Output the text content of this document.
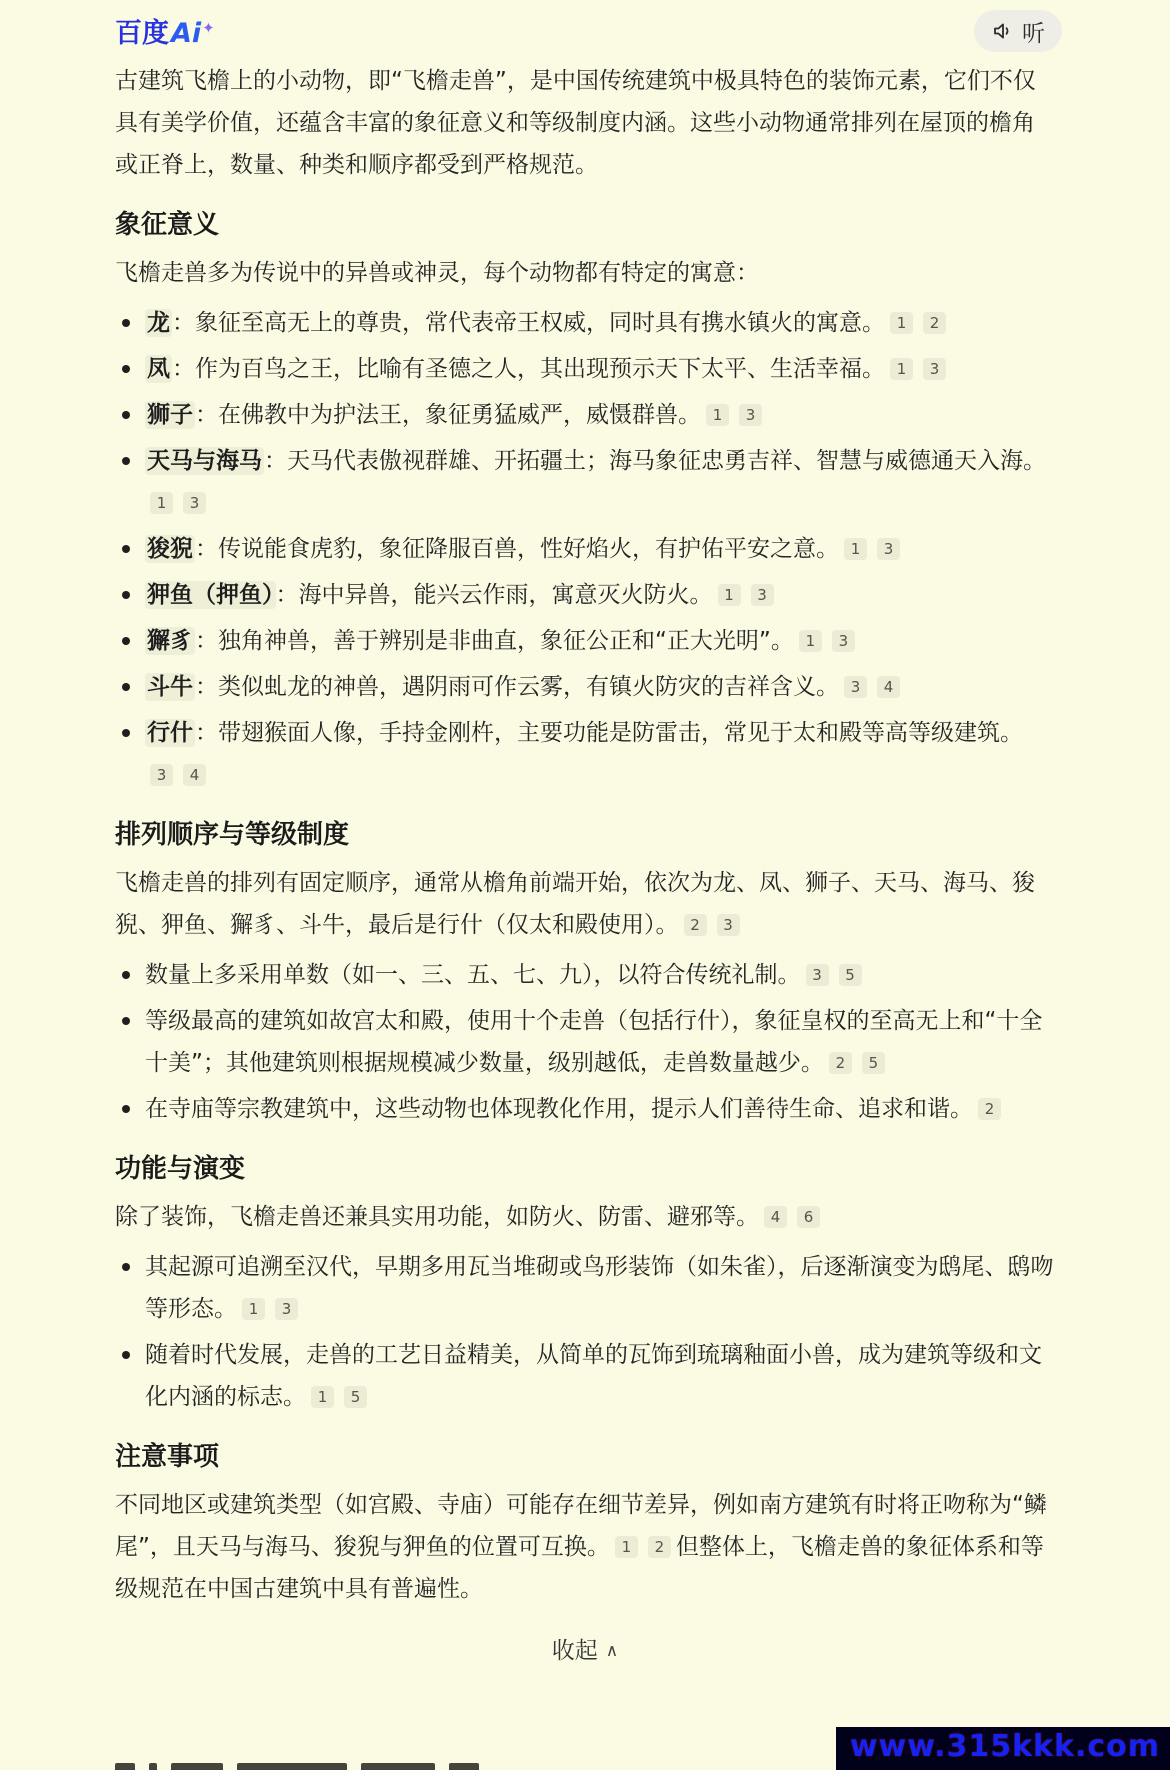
百度Ai✦	听

古建筑飞檐上的小动物，即“飞檐走兽”，是中国传统建筑中极具特色的装饰元素，它们不仅具有美学价值，还蕴含丰富的象征意义和等级制度内涵。这些小动物通常排列在屋顶的檐角或正脊上，数量、种类和顺序都受到严格规范。

象征意义

飞檐走兽多为传说中的异兽或神灵，每个动物都有特定的寓意：

龙：象征至高无上的尊贵，常代表帝王权威，同时具有携水镇火的寓意。 1 2
凤：作为百鸟之王，比喻有圣德之人，其出现预示天下太平、生活幸福。 1 3
狮子：在佛教中为护法王，象征勇猛威严，威慑群兽。 1 3
天马与海马：天马代表傲视群雄、开拓疆土；海马象征忠勇吉祥、智慧与威德通天入海。1 3
狻猊：传说能食虎豹，象征降服百兽，性好焰火，有护佑平安之意。 1 3
狎鱼（押鱼）：海中异兽，能兴云作雨，寓意灭火防火。 1 3
獬豸：独角神兽，善于辨别是非曲直，象征公正和“正大光明”。 1 3
斗牛：类似虬龙的神兽，遇阴雨可作云雾，有镇火防灾的吉祥含义。 3 4
行什：带翅猴面人像，手持金刚杵，主要功能是防雷击，常见于太和殿等高等级建筑。3 4
排列顺序与等级制度

飞檐走兽的排列有固定顺序，通常从檐角前端开始，依次为龙、凤、狮子、天马、海马、狻猊、狎鱼、獬豸、斗牛，最后是行什（仅太和殿使用）。 2 3

数量上多采用单数（如一、三、五、七、九），以符合传统礼制。 3 5
等级最高的建筑如故宫太和殿，使用十个走兽（包括行什），象征皇权的至高无上和“十全十美”；其他建筑则根据规模减少数量，级别越低，走兽数量越少。 2 5
在寺庙等宗教建筑中，这些动物也体现教化作用，提示人们善待生命、追求和谐。 2
功能与演变

除了装饰，飞檐走兽还兼具实用功能，如防火、防雷、避邪等。 4 6

其起源可追溯至汉代，早期多用瓦当堆砌或鸟形装饰（如朱雀），后逐渐演变为鸱尾、鸱吻等形态。 1 3
随着时代发展，走兽的工艺日益精美，从简单的瓦饰到琉璃釉面小兽，成为建筑等级和文化内涵的标志。 1 5
注意事项

不同地区或建筑类型（如宫殿、寺庙）可能存在细节差异，例如南方建筑有时将正吻称为“鳞尾”，且天马与海马、狻猊与狎鱼的位置可互换。 1 2 但整体上，飞檐走兽的象征体系和等级规范在中国古建筑中具有普遍性。

收起 ∧
www.315kkk.com
